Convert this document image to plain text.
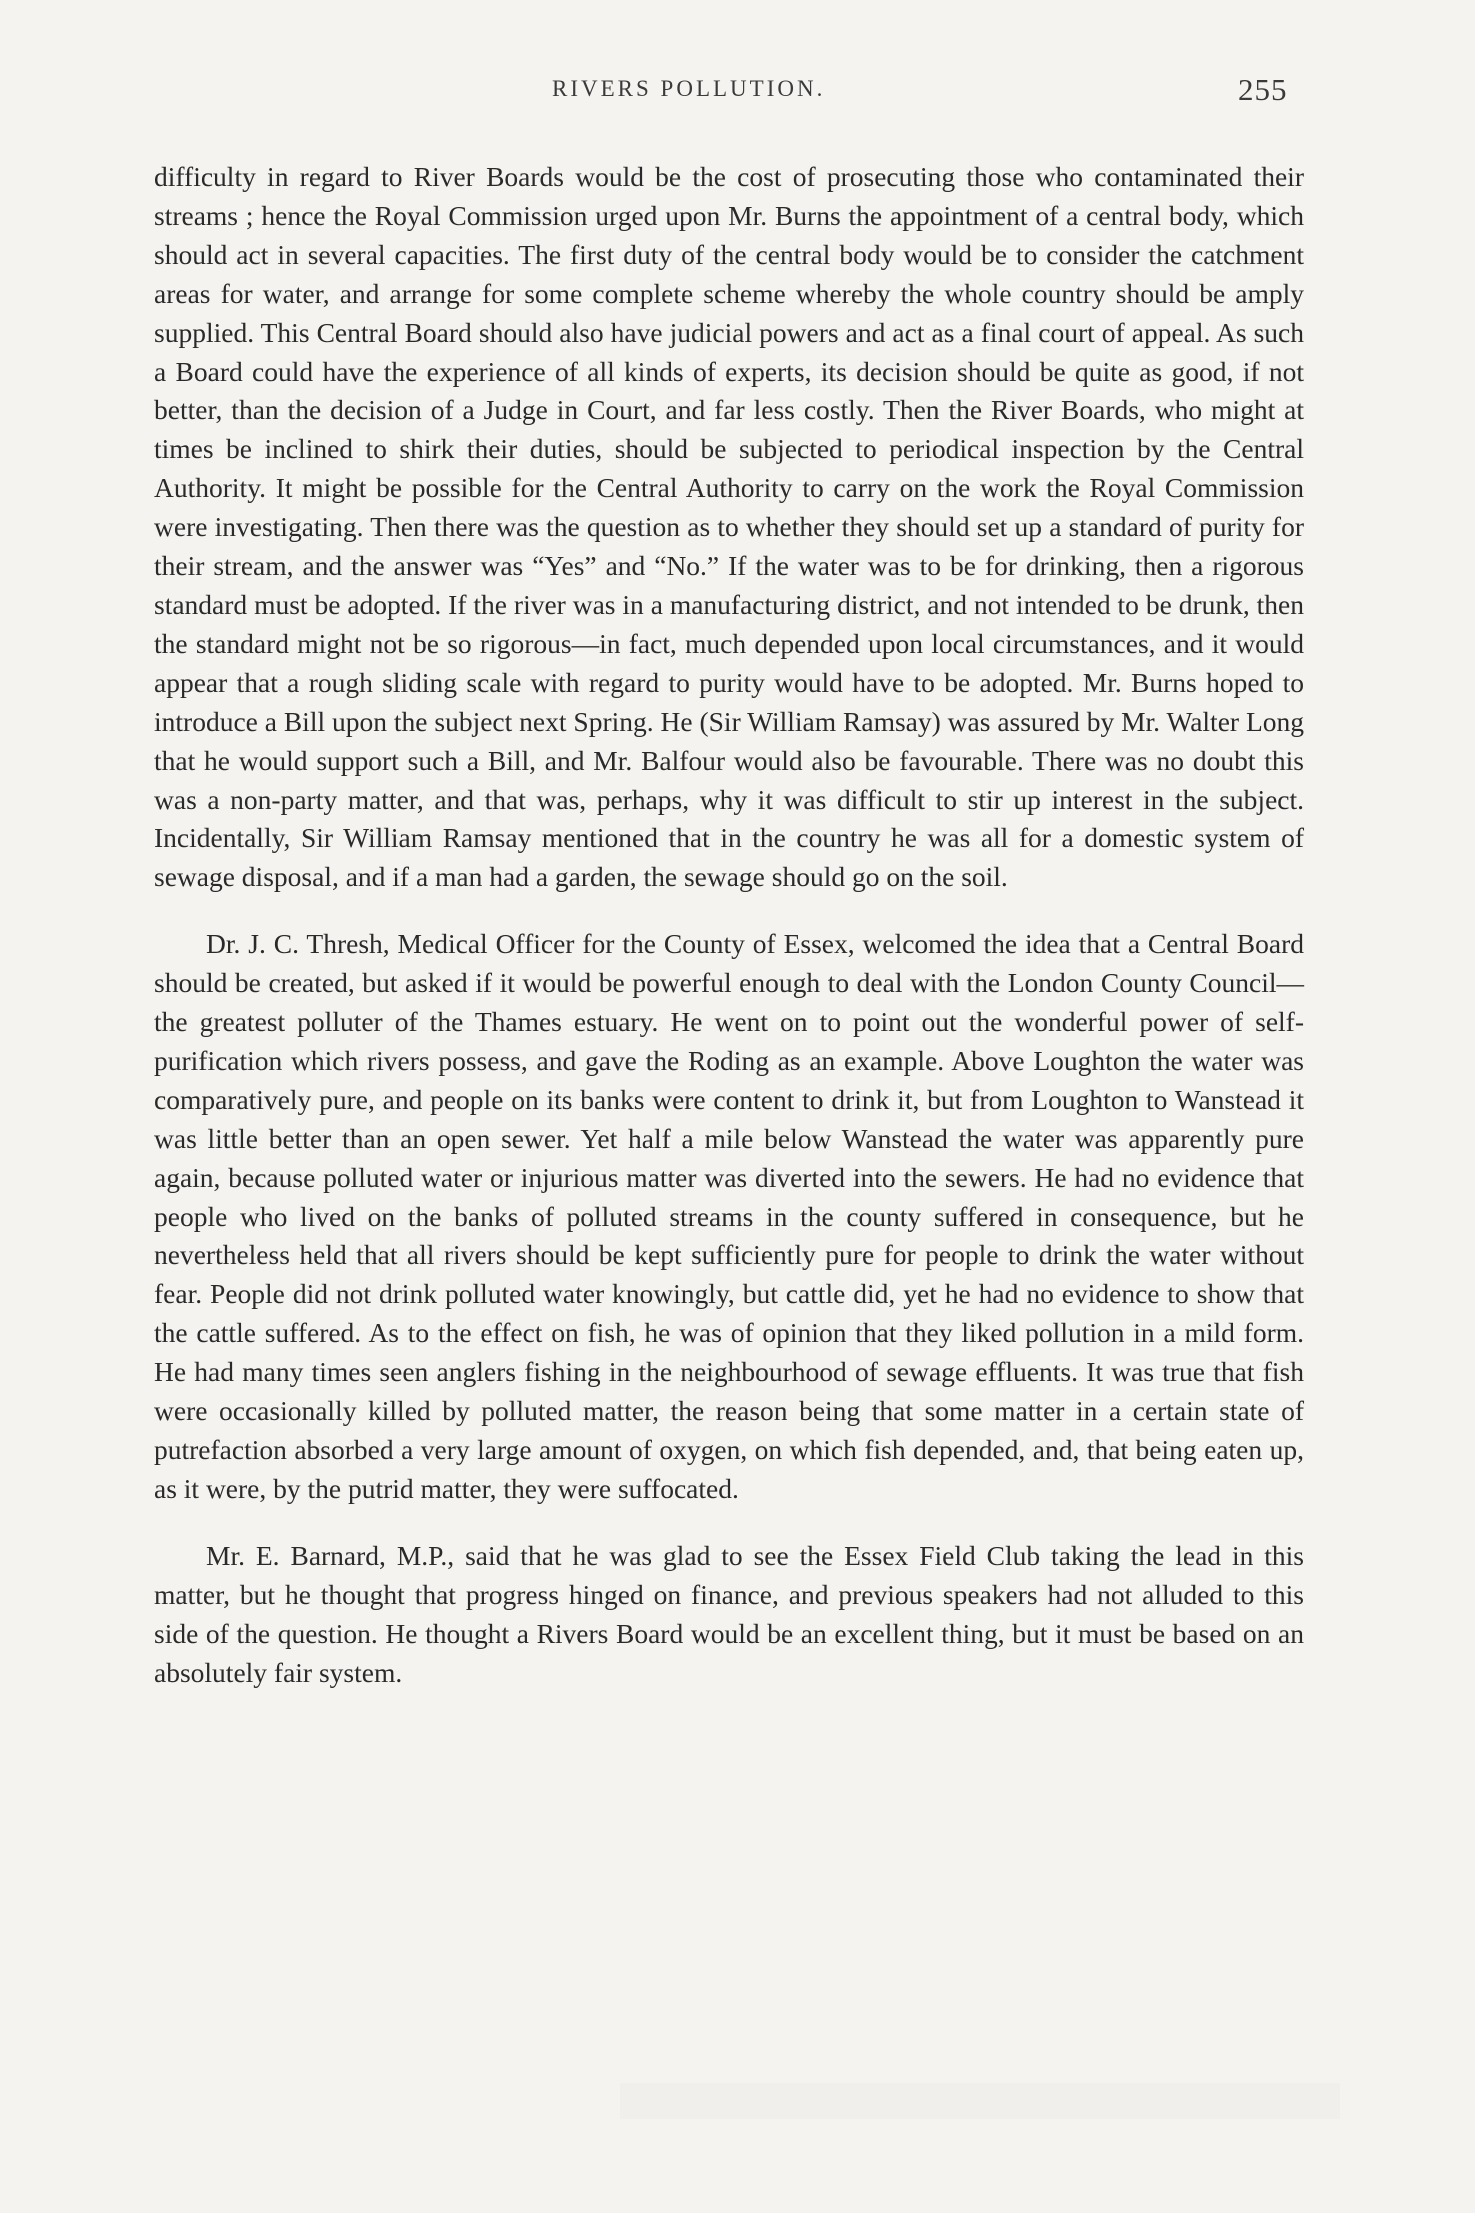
RIVERS POLLUTION.	255

difficulty in regard to River Boards would be the cost of prosecuting those who contaminated their streams ; hence the Royal Commission urged upon Mr. Burns the appointment of a central body, which should act in several capacities. The first duty of the central body would be to consider the catchment areas for water, and arrange for some complete scheme whereby the whole country should be amply supplied. This Central Board should also have judicial powers and act as a final court of appeal. As such a Board could have the experience of all kinds of experts, its decision should be quite as good, if not better, than the decision of a Judge in Court, and far less costly. Then the River Boards, who might at times be inclined to shirk their duties, should be subjected to periodical inspection by the Central Authority. It might be possible for the Central Authority to carry on the work the Royal Commission were investigating. Then there was the question as to whether they should set up a standard of purity for their stream, and the answer was “Yes” and “No.” If the water was to be for drinking, then a rigorous standard must be adopted. If the river was in a manufacturing district, and not intended to be drunk, then the standard might not be so rigorous—in fact, much depended upon local circumstances, and it would appear that a rough sliding scale with regard to purity would have to be adopted. Mr. Burns hoped to introduce a Bill upon the subject next Spring. He (Sir William Ramsay) was assured by Mr. Walter Long that he would support such a Bill, and Mr. Balfour would also be favourable. There was no doubt this was a non-party matter, and that was, perhaps, why it was difficult to stir up interest in the subject. Incidentally, Sir William Ramsay mentioned that in the country he was all for a domestic system of sewage disposal, and if a man had a garden, the sewage should go on the soil.

Dr. J. C. Thresh, Medical Officer for the County of Essex, welcomed the idea that a Central Board should be created, but asked if it would be powerful enough to deal with the London County Council—the greatest polluter of the Thames estuary. He went on to point out the wonderful power of self-purification which rivers possess, and gave the Roding as an example. Above Loughton the water was comparatively pure, and people on its banks were content to drink it, but from Loughton to Wanstead it was little better than an open sewer. Yet half a mile below Wanstead the water was apparently pure again, because polluted water or injurious matter was diverted into the sewers. He had no evidence that people who lived on the banks of polluted streams in the county suffered in consequence, but he nevertheless held that all rivers should be kept sufficiently pure for people to drink the water without fear. People did not drink polluted water knowingly, but cattle did, yet he had no evidence to show that the cattle suffered. As to the effect on fish, he was of opinion that they liked pollution in a mild form. He had many times seen anglers fishing in the neighbourhood of sewage effluents. It was true that fish were occasionally killed by polluted matter, the reason being that some matter in a certain state of putrefaction absorbed a very large amount of oxygen, on which fish depended, and, that being eaten up, as it were, by the putrid matter, they were suffocated.

Mr. E. Barnard, M.P., said that he was glad to see the Essex Field Club taking the lead in this matter, but he thought that progress hinged on finance, and previous speakers had not alluded to this side of the question. He thought a Rivers Board would be an excellent thing, but it must be based on an absolutely fair system.
